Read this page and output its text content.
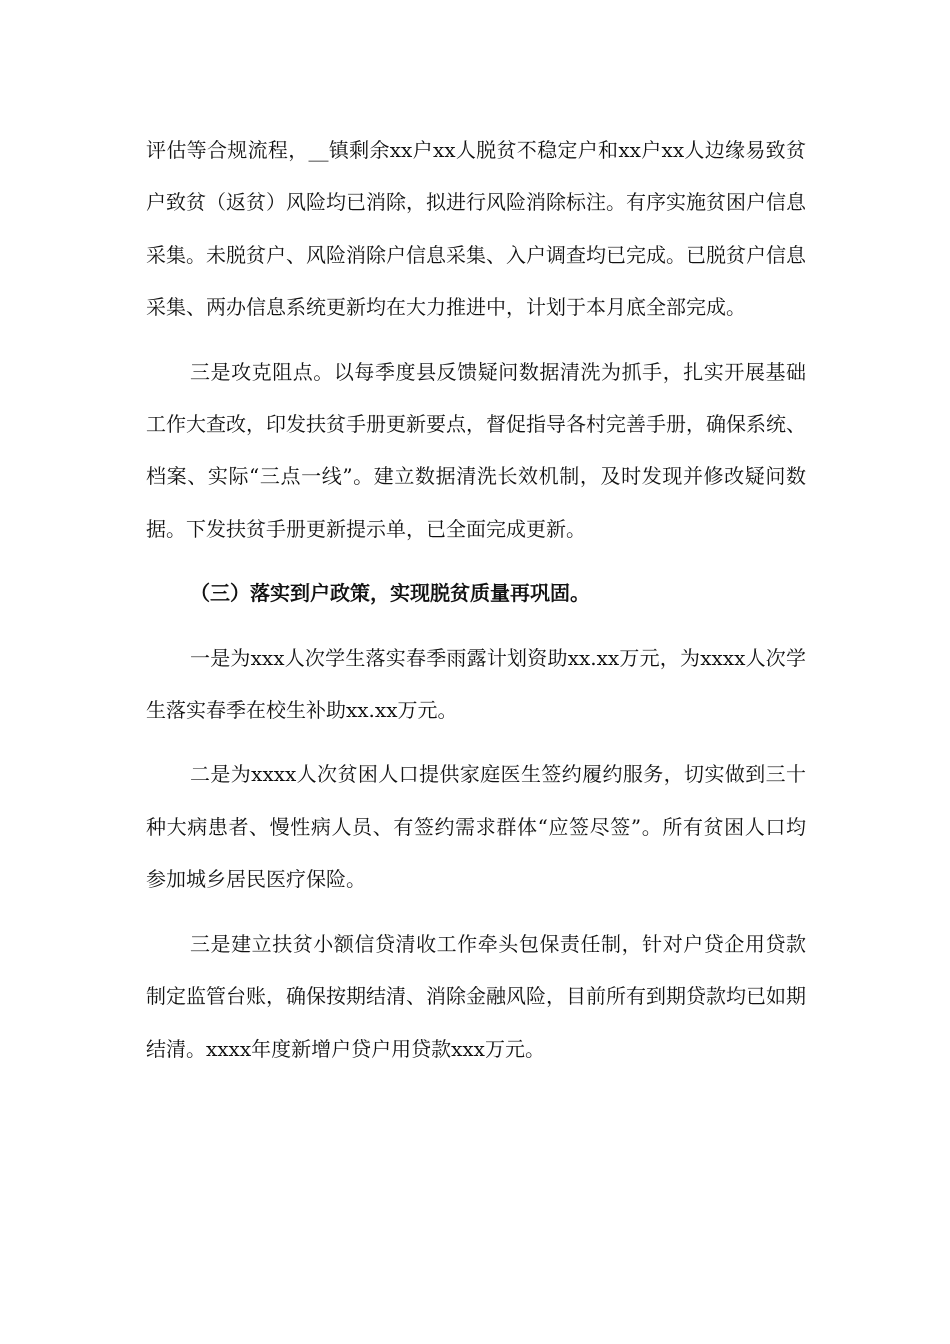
评估等合规流程，__镇剩余xx户xx人脱贫不稳定户和xx户xx人边缘易致贫户致贫（返贫）风险均已消除，拟进行风险消除标注。有序实施贫困户信息采集。未脱贫户、风险消除户信息采集、入户调查均已完成。已脱贫户信息采集、两办信息系统更新均在大力推进中，计划于本月底全部完成。

三是攻克阻点。以每季度县反馈疑问数据清洗为抓手，扎实开展基础工作大查改，印发扶贫手册更新要点，督促指导各村完善手册，确保系统、档案、实际“三点一线”。建立数据清洗长效机制，及时发现并修改疑问数据。下发扶贫手册更新提示单，已全面完成更新。

（三）落实到户政策，实现脱贫质量再巩固。

一是为xxx人次学生落实春季雨露计划资助xx.xx万元，为xxxx人次学生落实春季在校生补助xx.xx万元。

二是为xxxx人次贫困人口提供家庭医生签约履约服务，切实做到三十种大病患者、慢性病人员、有签约需求群体“应签尽签”。所有贫困人口均参加城乡居民医疗保险。

三是建立扶贫小额信贷清收工作牵头包保责任制，针对户贷企用贷款制定监管台账，确保按期结清、消除金融风险，目前所有到期贷款均已如期结清。xxxx年度新增户贷户用贷款xxx万元。
